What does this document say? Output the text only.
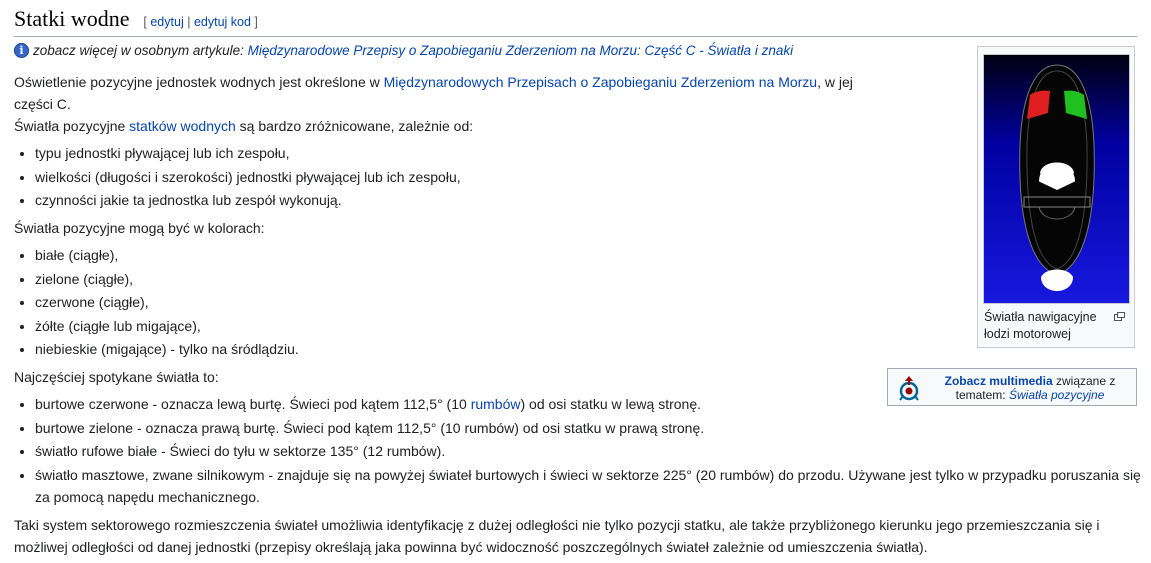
Statki wodne [ edytuj | edytuj kod ]
i zobacz więcej w osobnym artykule: Międzynarodowe Przepisy o Zapobieganiu Zderzeniom na Morzu: Część C - Światła i znaki

Oświetlenie pozycyjne jednostek wodnych jest określone w Międzynarodowych Przepisach o Zapobieganiu Zderzeniom na Morzu, w jej części C.
Światła pozycyjne statków wodnych są bardzo zróżnicowane, zależnie od:

• typu jednostki pływającej lub ich zespołu,
• wielkości (długości i szerokości) jednostki pływającej lub ich zespołu,
• czynności jakie ta jednostka lub zespół wykonują.

Światła pozycyjne mogą być w kolorach:

• białe (ciągłe),
• zielone (ciągłe),
• czerwone (ciągłe),
• żółte (ciągłe lub migające),
• niebieskie (migające) - tylko na śródlądziu.

Najczęściej spotykane światła to:

• burtowe czerwone - oznacza lewą burtę. Świeci pod kątem 112,5° (10 rumbów) od osi statku w lewą stronę.
• burtowe zielone - oznacza prawą burtę. Świeci pod kątem 112,5° (10 rumbów) od osi statku w prawą stronę.
• światło rufowe białe - Świeci do tyłu w sektorze 135° (12 rumbów).
• światło masztowe, zwane silnikowym - znajduje się na powyżej świateł burtowych i świeci w sektorze 225° (20 rumbów) do przodu. Używane jest tylko w przypadku poruszania się za pomocą napędu mechanicznego.

Taki system sektorowego rozmieszczenia świateł umożliwia identyfikację z dużej odległości nie tylko pozycji statku, ale także przybliżonego kierunku jego przemieszczania się i możliwej odległości od danej jednostki (przepisy określają jaka powinna być widoczność poszczególnych świateł zależnie od umieszczenia światła).

Światła nawigacyjne łodzi motorowej
Zobacz multimedia związane z tematem: Światła pozycyjne
